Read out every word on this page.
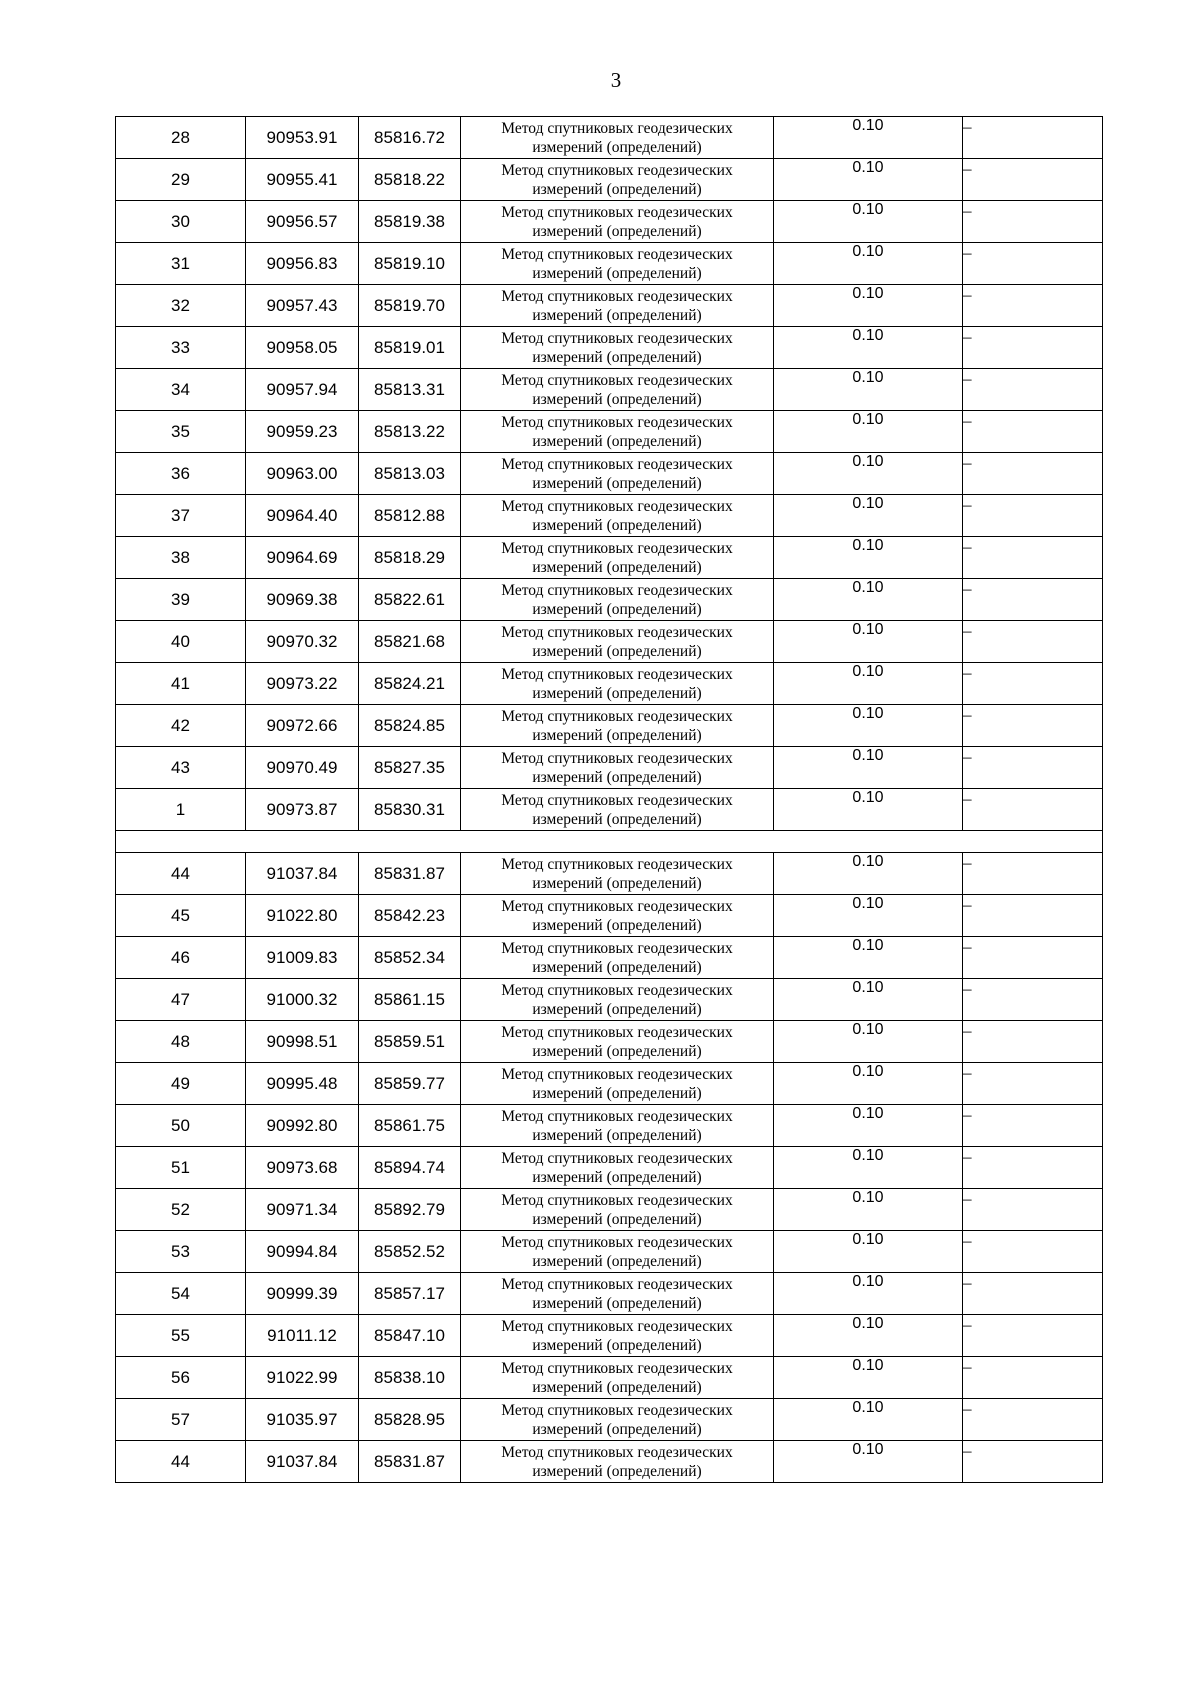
3
28	90953.91	85816.72	Метод спутниковых геодезических
измерений (определений)	0.10	–
29	90955.41	85818.22	Метод спутниковых геодезических
измерений (определений)	0.10	–
30	90956.57	85819.38	Метод спутниковых геодезических
измерений (определений)	0.10	–
31	90956.83	85819.10	Метод спутниковых геодезических
измерений (определений)	0.10	–
32	90957.43	85819.70	Метод спутниковых геодезических
измерений (определений)	0.10	–
33	90958.05	85819.01	Метод спутниковых геодезических
измерений (определений)	0.10	–
34	90957.94	85813.31	Метод спутниковых геодезических
измерений (определений)	0.10	–
35	90959.23	85813.22	Метод спутниковых геодезических
измерений (определений)	0.10	–
36	90963.00	85813.03	Метод спутниковых геодезических
измерений (определений)	0.10	–
37	90964.40	85812.88	Метод спутниковых геодезических
измерений (определений)	0.10	–
38	90964.69	85818.29	Метод спутниковых геодезических
измерений (определений)	0.10	–
39	90969.38	85822.61	Метод спутниковых геодезических
измерений (определений)	0.10	–
40	90970.32	85821.68	Метод спутниковых геодезических
измерений (определений)	0.10	–
41	90973.22	85824.21	Метод спутниковых геодезических
измерений (определений)	0.10	–
42	90972.66	85824.85	Метод спутниковых геодезических
измерений (определений)	0.10	–
43	90970.49	85827.35	Метод спутниковых геодезических
измерений (определений)	0.10	–
1	90973.87	85830.31	Метод спутниковых геодезических
измерений (определений)	0.10	–

44	91037.84	85831.87	Метод спутниковых геодезических
измерений (определений)	0.10	–
45	91022.80	85842.23	Метод спутниковых геодезических
измерений (определений)	0.10	–
46	91009.83	85852.34	Метод спутниковых геодезических
измерений (определений)	0.10	–
47	91000.32	85861.15	Метод спутниковых геодезических
измерений (определений)	0.10	–
48	90998.51	85859.51	Метод спутниковых геодезических
измерений (определений)	0.10	–
49	90995.48	85859.77	Метод спутниковых геодезических
измерений (определений)	0.10	–
50	90992.80	85861.75	Метод спутниковых геодезических
измерений (определений)	0.10	–
51	90973.68	85894.74	Метод спутниковых геодезических
измерений (определений)	0.10	–
52	90971.34	85892.79	Метод спутниковых геодезических
измерений (определений)	0.10	–
53	90994.84	85852.52	Метод спутниковых геодезических
измерений (определений)	0.10	–
54	90999.39	85857.17	Метод спутниковых геодезических
измерений (определений)	0.10	–
55	91011.12	85847.10	Метод спутниковых геодезических
измерений (определений)	0.10	–
56	91022.99	85838.10	Метод спутниковых геодезических
измерений (определений)	0.10	–
57	91035.97	85828.95	Метод спутниковых геодезических
измерений (определений)	0.10	–
44	91037.84	85831.87	Метод спутниковых геодезических
измерений (определений)	0.10	–
